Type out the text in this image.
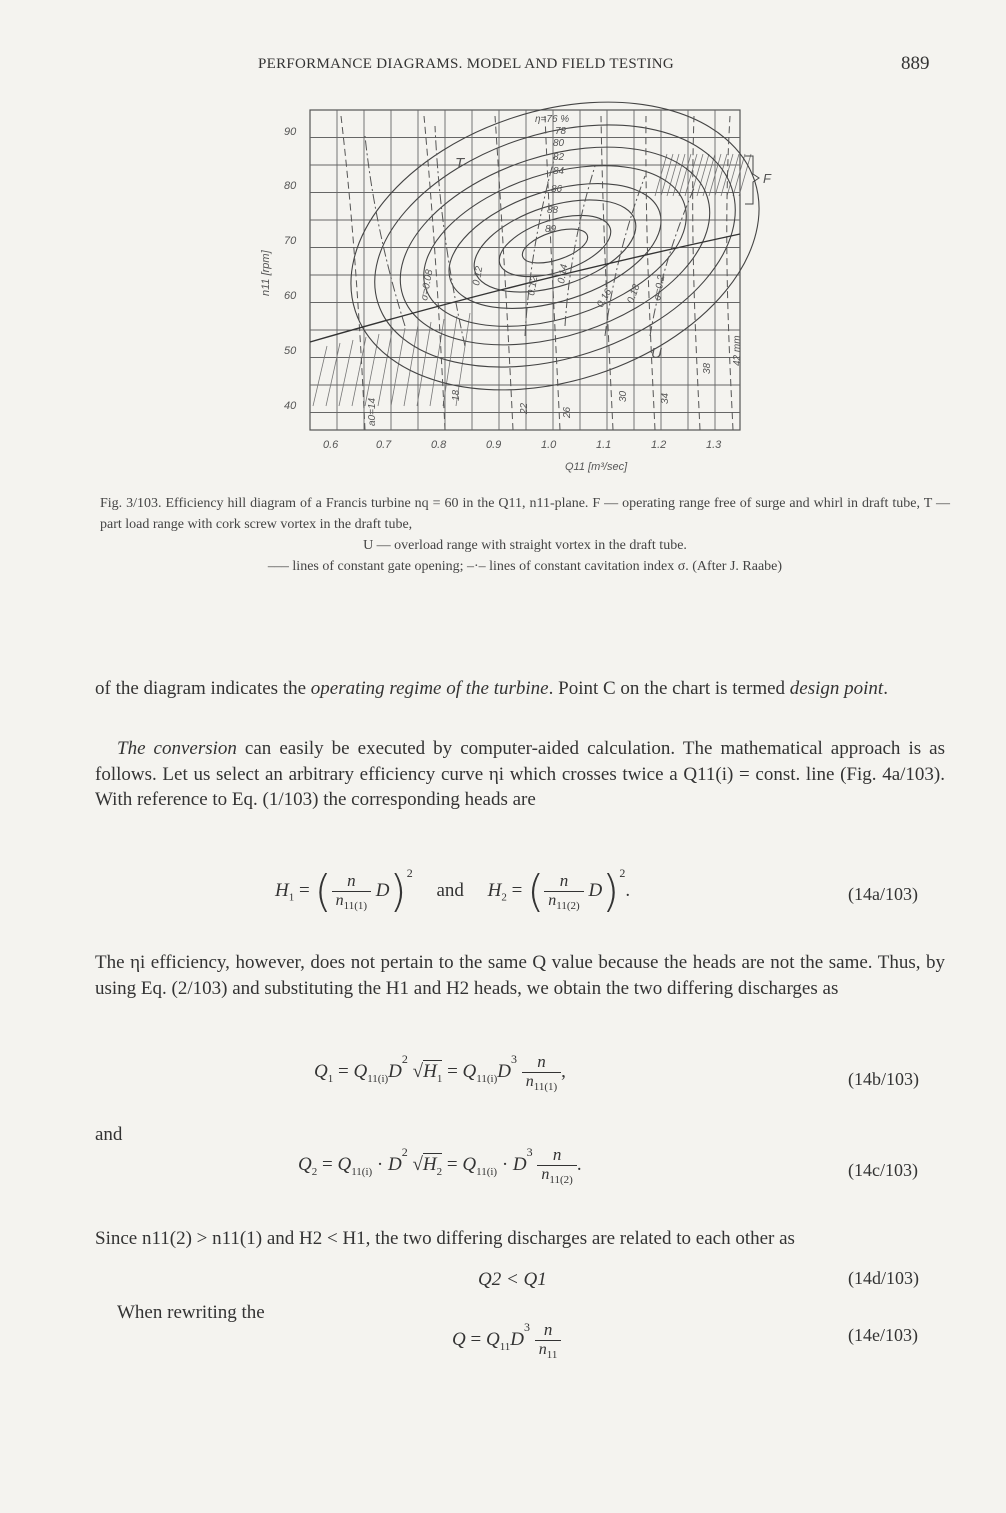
PERFORMANCE DIAGRAMS. MODEL AND FIELD TESTING	889
90
80
70
60
50
40
0.6	0.7	0.8	0.9	1.0	1.1	1.2	1.3
Q11 [m³/sec]
n11 [rpm]
η=76 %
78
80
82
84
86
88
89
σ=0.08	0.12	0.12
0.14
0.16 0.18 σ=0.2
a0=14
18
22	26
30	34
38
42 mm
T
U
F
Fig. 3/103. Efficiency hill diagram of a Francis turbine nq = 60 in the Q11, n11-plane. F — operating range free of surge and whirl in draft tube, T — part load range with cork screw vortex in the draft tube,
U — overload range with straight vortex in the draft tube.
––– lines of constant gate opening; –·– lines of constant cavitation index σ. (After J. Raabe)
of the diagram indicates the operating regime of the turbine. Point C on the chart is termed design point.
The conversion can easily be executed by computer-aided calculation. The mathematical approach is as follows. Let us select an arbitrary efficiency curve ηi which crosses twice a Q11(i) = const. line (Fig. 4a/103). With reference to Eq. (1/103) the corresponding heads are
$H_1$ = ( $\frac{n}{n_{11(1)}} D)^2$     and     $H_2$ = ( $\frac{n}{n_{11(2)}} D)^2$.	(14a/103)
The ηi efficiency, however, does not pertain to the same Q value because the heads are not the same. Thus, by using Eq. (2/103) and substituting the H1 and H2 heads, we obtain the two differing discharges as
$Q_1 = Q_{11(i)}D^2$ $√H_1 = Q_{11(i)}D^3 \frac{n}{n_{11(1)}}$ ,	(14b/103)
and
$Q_2 = Q_{11(i)} \cdot D^2$ $√H_2 = Q_{11(i)} \cdot D^3 \frac{n}{n_{11(2)}}$ .	(14c/103)
Since n11(2) > n11(1) and H2 < H1, the two differing discharges are related to each other as
Q2 < Q1	(14d/103)
When rewriting the
$Q = Q_{11}D^3 \frac{n}{n_{11}}$	(14e/103)
